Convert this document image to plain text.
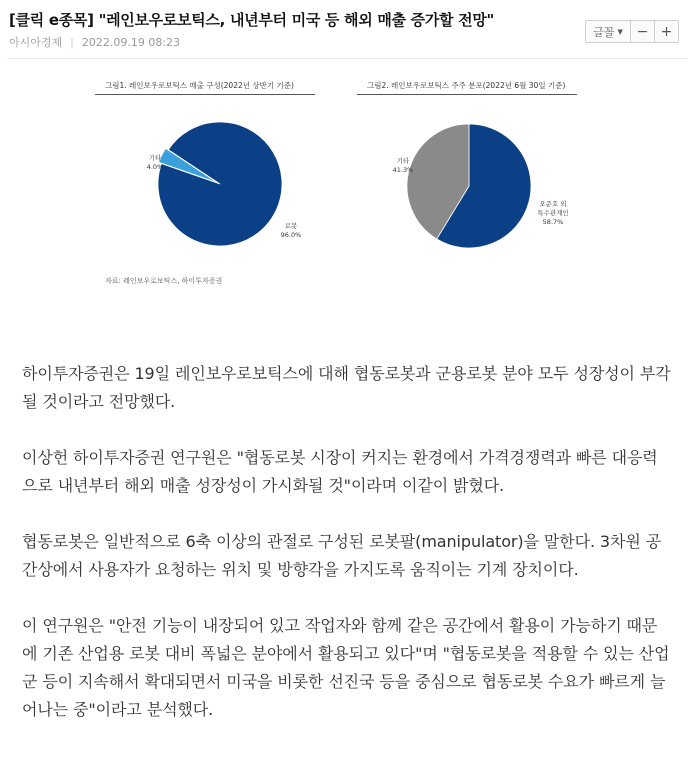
[클릭 e종목] "레인보우로보틱스, 내년부터 미국 등 해외 매출 증가할 전망"
아시아경제 | 2022.09.19 08:23
글꼴 ▼ − +
그림1. 레인보우로보틱스 매출 구성(2022년 상반기 기준)
로봇
96.0%
기타
4.0%
그림2. 레인보우로보틱스 주주 분포(2022년 6월 30일 기준)
오준호 외
특수관계인
58.7%
기타
41.3%
자료: 레인보우로보틱스, 하이투자증권

하이투자증권은 19일 레인보우로보틱스에 대해 협동로봇과 군용로봇 분야 모두 성장성이 부각될 것이라고 전망했다.

이상헌 하이투자증권 연구원은 "협동로봇 시장이 커지는 환경에서 가격경쟁력과 빠른 대응력으로 내년부터 해외 매출 성장성이 가시화될 것"이라며 이같이 밝혔다.

협동로봇은 일반적으로 6축 이상의 관절로 구성된 로봇팔(manipulator)을 말한다. 3차원 공간상에서 사용자가 요청하는 위치 및 방향각을 가지도록 움직이는 기계 장치이다.

이 연구원은 "안전 기능이 내장되어 있고 작업자와 함께 같은 공간에서 활용이 가능하기 때문에 기존 산업용 로봇 대비 폭넓은 분야에서 활용되고 있다"며 "협동로봇을 적용할 수 있는 산업군 등이 지속해서 확대되면서 미국을 비롯한 선진국 등을 중심으로 협동로봇 수요가 빠르게 늘어나는 중"이라고 분석했다.
